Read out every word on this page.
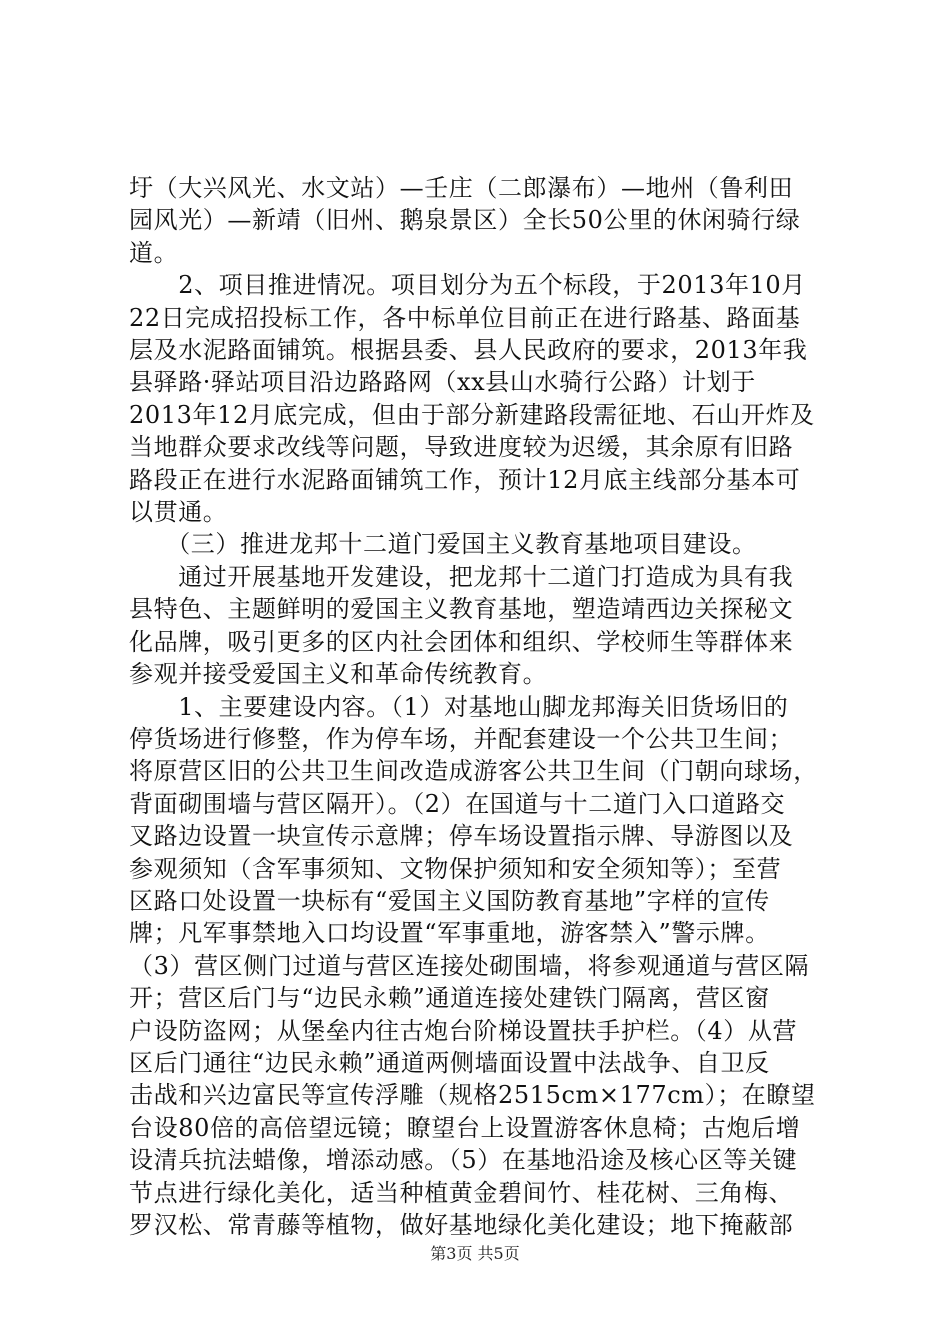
圩（大兴风光、水文站）—壬庄（二郎瀑布）—地州（鲁利田
园风光）—新靖（旧州、鹅泉景区）全长50公里的休闲骑行绿
道。
　　2、项目推进情况。项目划分为五个标段，于2013年10月
22日完成招投标工作，各中标单位目前正在进行路基、路面基
层及水泥路面铺筑。根据县委、县人民政府的要求，2013年我
县驿路·驿站项目沿边路路网（xx县山水骑行公路）计划于
2013年12月底完成，但由于部分新建路段需征地、石山开炸及
当地群众要求改线等问题，导致进度较为迟缓，其余原有旧路
路段正在进行水泥路面铺筑工作，预计12月底主线部分基本可
以贯通。
　　（三）推进龙邦十二道门爱国主义教育基地项目建设。
　　通过开展基地开发建设，把龙邦十二道门打造成为具有我
县特色、主题鲜明的爱国主义教育基地，塑造靖西边关探秘文
化品牌，吸引更多的区内社会团体和组织、学校师生等群体来
参观并接受爱国主义和革命传统教育。
　　1、主要建设内容。（1）对基地山脚龙邦海关旧货场旧的
停货场进行修整，作为停车场，并配套建设一个公共卫生间；
将原营区旧的公共卫生间改造成游客公共卫生间（门朝向球场，
背面砌围墙与营区隔开）。（2）在国道与十二道门入口道路交
叉路边设置一块宣传示意牌；停车场设置指示牌、导游图以及
参观须知（含军事须知、文物保护须知和安全须知等）；至营
区路口处设置一块标有“爱国主义国防教育基地”字样的宣传
牌；凡军事禁地入口均设置“军事重地，游客禁入”警示牌。
（3）营区侧门过道与营区连接处砌围墙，将参观通道与营区隔
开；营区后门与“边民永赖”通道连接处建铁门隔离，营区窗
户设防盗网；从堡垒内往古炮台阶梯设置扶手护栏。（4）从营
区后门通往“边民永赖”通道两侧墙面设置中法战争、自卫反
击战和兴边富民等宣传浮雕（规格2515cm×177cm）；在瞭望
台设80倍的高倍望远镜；瞭望台上设置游客休息椅；古炮后增
设清兵抗法蜡像，增添动感。（5）在基地沿途及核心区等关键
节点进行绿化美化，适当种植黄金碧间竹、桂花树、三角梅、
罗汉松、常青藤等植物，做好基地绿化美化建设；地下掩蔽部
第3页 共5页
